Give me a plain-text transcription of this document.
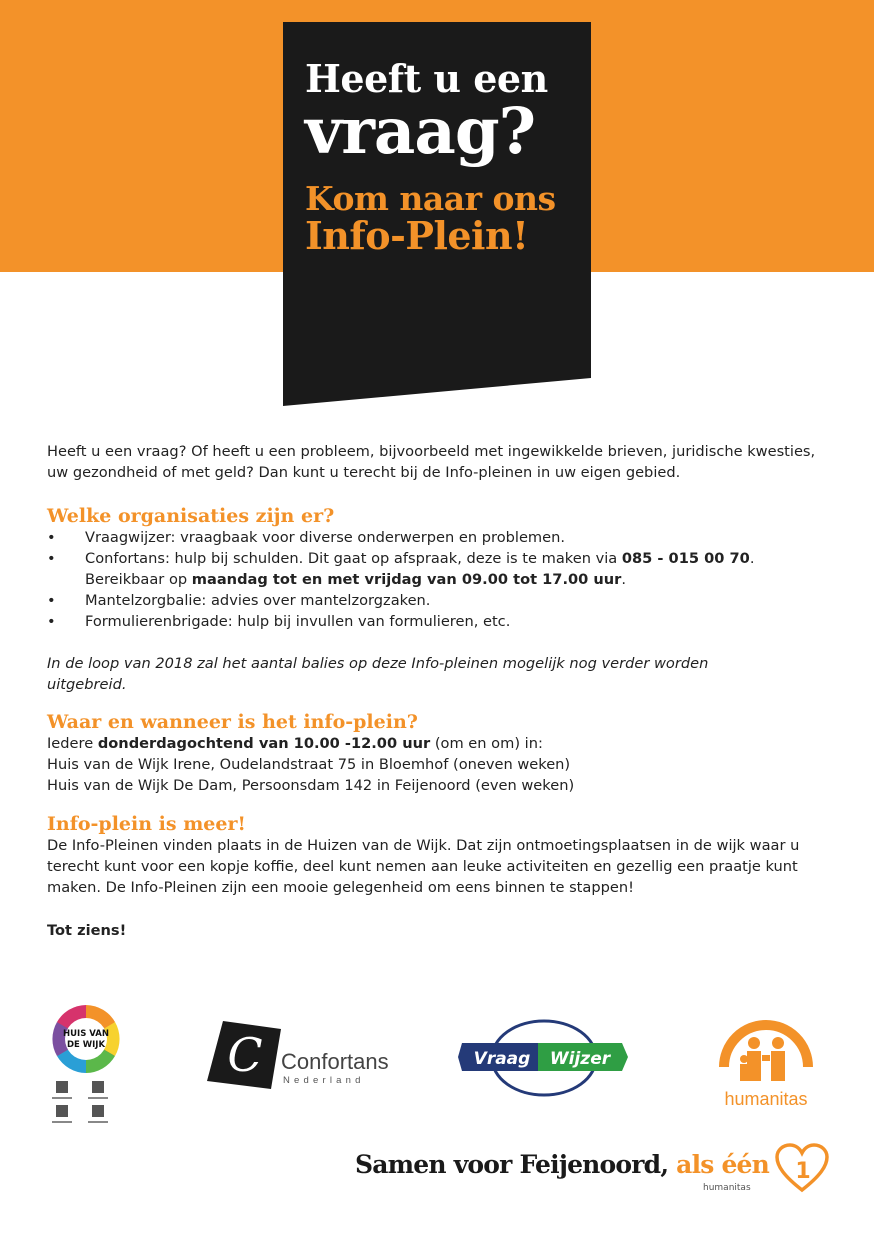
Heeft u een
vraag?
Kom naar ons
Info-Plein!

Heeft u een vraag? Of heeft u een probleem, bijvoorbeeld met ingewikkelde brieven, juridische kwesties, uw gezondheid of met geld? Dan kunt u terecht bij de Info-pleinen in uw eigen gebied.

Welke organisaties zijn er?
• Vraagwijzer: vraagbaak voor diverse onderwerpen en problemen.
• Confortans: hulp bij schulden. Dit gaat op afspraak, deze is te maken via 085 - 015 00 70.
Bereikbaar op maandag tot en met vrijdag van 09.00 tot 17.00 uur.
• Mantelzorgbalie: advies over mantelzorgzaken.
• Formulierenbrigade: hulp bij invullen van formulieren, etc.

In de loop van 2018 zal het aantal balies op deze Info-pleinen mogelijk nog verder worden uitgebreid.

Waar en wanneer is het info-plein?

Iedere donderdagochtend van 10.00 -12.00 uur (om en om) in:

Huis van de Wijk Irene, Oudelandstraat 75 in Bloemhof (oneven weken)

Huis van de Wijk De Dam, Persoonsdam 142 in Feijenoord (even weken)

Info-plein is meer!

De Info-Pleinen vinden plaats in de Huizen van de Wijk. Dat zijn ontmoetingsplaatsen in de wijk waar u terecht kunt voor een kopje koffie, deel kunt nemen aan leuke activiteiten en gezellig een praatje kunt maken. De Info-Pleinen zijn een mooie gelegenheid om eens binnen te stappen!

Tot ziens!

HUIS VAN
DE WIJK	C Confortans
Nederland
Vraag Wijzer
humanitas
Samen voor Feijenoord, als één
humanitas
1
